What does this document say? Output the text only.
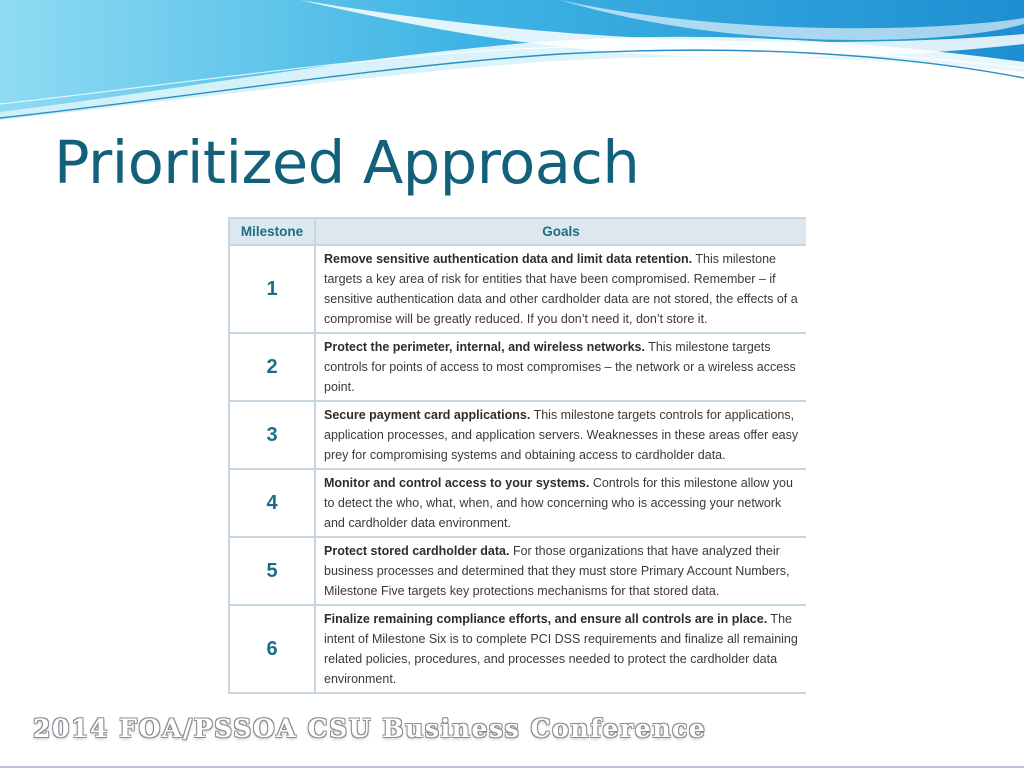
Prioritized Approach
Milestone	Goals
1	Remove sensitive authentication data and limit data retention. This milestone targets a key area of risk for entities that have been compromised. Remember – if sensitive authentication data and other cardholder data are not stored, the effects of a compromise will be greatly reduced. If you don’t need it, don’t store it.
2	Protect the perimeter, internal, and wireless networks. This milestone targets controls for points of access to most compromises – the network or a wireless access point.
3	Secure payment card applications. This milestone targets controls for applications, application processes, and application servers. Weaknesses in these areas offer easy prey for compromising systems and obtaining access to cardholder data.
4	Monitor and control access to your systems. Controls for this milestone allow you to detect the who, what, when, and how concerning who is accessing your network and cardholder data environment.
5	Protect stored cardholder data. For those organizations that have analyzed their business processes and determined that they must store Primary Account Numbers, Milestone Five targets key protections mechanisms for that stored data.
6	Finalize remaining compliance efforts, and ensure all controls are in place. The intent of Milestone Six is to complete PCI DSS requirements and finalize all remaining related policies, procedures, and processes needed to protect the cardholder data environment.
2014 FOA/PSSOA CSU Business Conference
